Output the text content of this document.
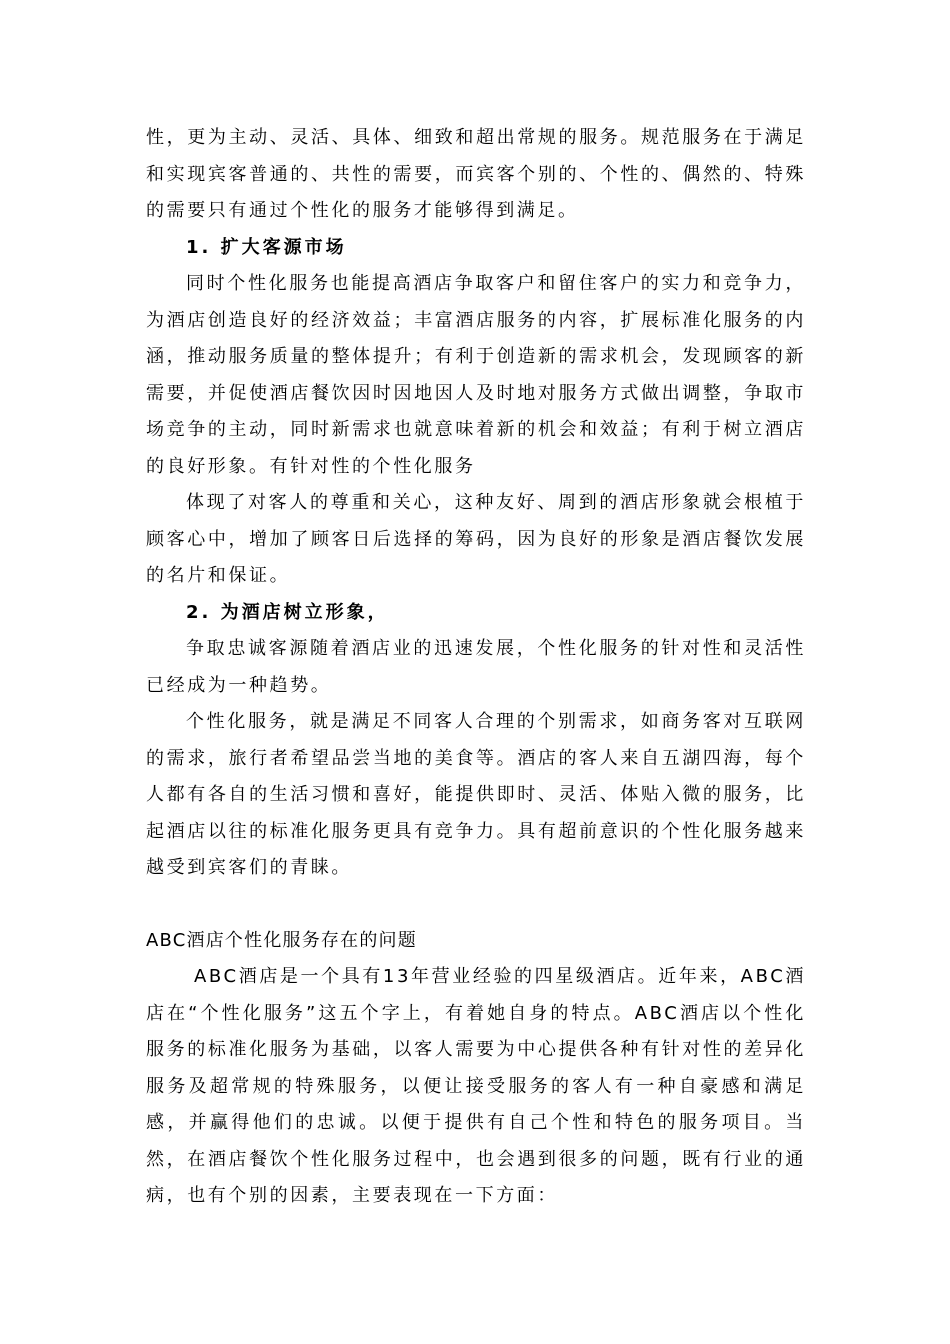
性，更为主动、灵活、具体、细致和超出常规的服务。规范服务在于满足和实现宾客普通的、共性的需要，而宾客个别的、个性的、偶然的、特殊的需要只有通过个性化的服务才能够得到满足。

1. 扩大客源市场

同时个性化服务也能提高酒店争取客户和留住客户的实力和竞争力，为酒店创造良好的经济效益；丰富酒店服务的内容，扩展标准化服务的内涵，推动服务质量的整体提升；有利于创造新的需求机会，发现顾客的新需要，并促使酒店餐饮因时因地因人及时地对服务方式做出调整，争取市场竞争的主动，同时新需求也就意味着新的机会和效益；有利于树立酒店的良好形象。有针对性的个性化服务

体现了对客人的尊重和关心，这种友好、周到的酒店形象就会根植于顾客心中，增加了顾客日后选择的筹码，因为良好的形象是酒店餐饮发展的名片和保证。

2. 为酒店树立形象，

争取忠诚客源随着酒店业的迅速发展，个性化服务的针对性和灵活性已经成为一种趋势。

个性化服务，就是满足不同客人合理的个别需求，如商务客对互联网的需求，旅行者希望品尝当地的美食等。酒店的客人来自五湖四海，每个人都有各自的生活习惯和喜好，能提供即时、灵活、体贴入微的服务，比起酒店以往的标准化服务更具有竞争力。具有超前意识的个性化服务越来越受到宾客们的青睐。

ABC酒店个性化服务存在的问题

ABC酒店是一个具有13年营业经验的四星级酒店。近年来，ABC酒店在“个性化服务”这五个字上，有着她自身的特点。ABC酒店以个性化服务的标准化服务为基础，以客人需要为中心提供各种有针对性的差异化服务及超常规的特殊服务，以便让接受服务的客人有一种自豪感和满足感，并赢得他们的忠诚。以便于提供有自己个性和特色的服务项目。当然，在酒店餐饮个性化服务过程中，也会遇到很多的问题，既有行业的通病，也有个别的因素，主要表现在一下方面：
